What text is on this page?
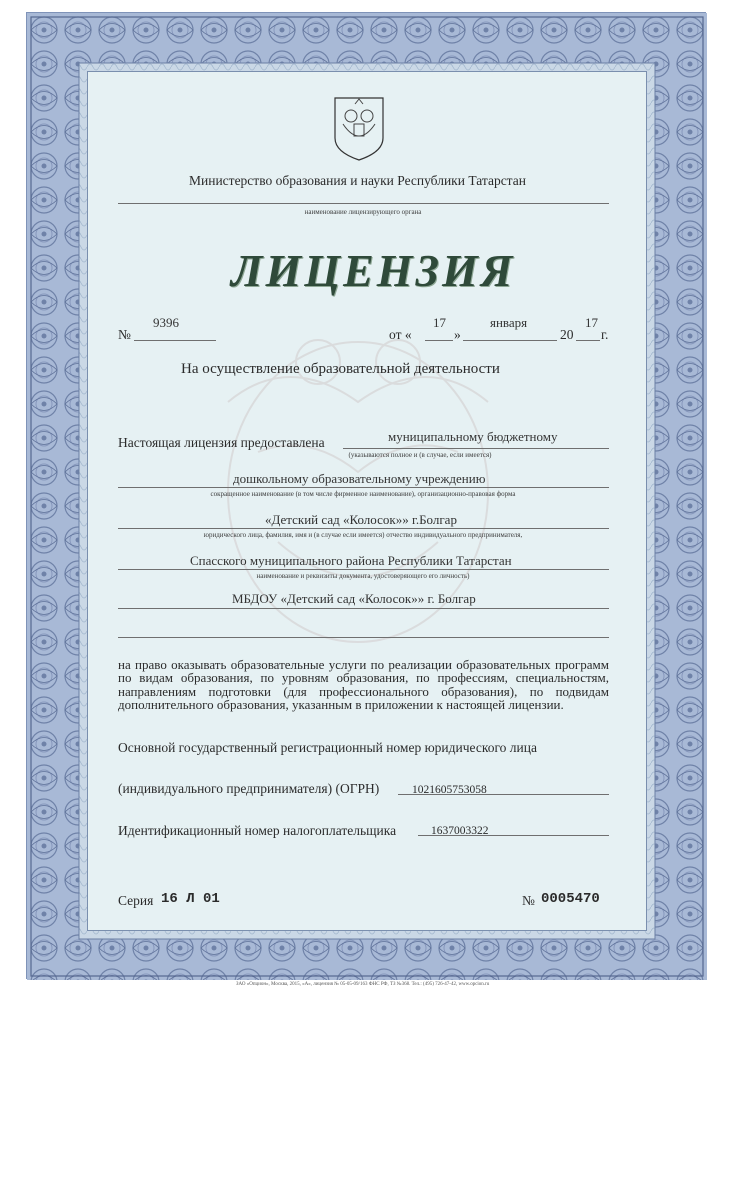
Министерство образования и науки Республики Татарстан
наименование лицензирующего органа
ЛИЦЕНЗИЯ
№
9396
от «
17
»
января
20
17
г.
На осуществление образовательной деятельности
Настоящая лицензия предоставлена	муниципальному бюджетному
(указываются полное и (в случае, если имеется)
дошкольному образовательному учреждению
сокращенное наименование (в том числе фирменное наименование), организационно-правовая форма
«Детский сад «Колосок»» г.Болгар
юридического лица, фамилия, имя и (в случае если имеется) отчество индивидуального предпринимателя,
Спасского муниципального района Республики Татарстан
наименование и реквизиты документа, удостоверяющего его личность)
МБДОУ «Детский сад «Колосок»» г. Болгар
на право оказывать образовательные услуги по реализации образовательных программ по видам образования, по уровням образования, по профессиям, специальностям, направлениям подготовки (для профессионального образования), по подвидам дополнительного образования, указанным в приложении к настоящей лицензии.
Основной государственный регистрационный номер юридического лица
(индивидуального предпринимателя) (ОГРН)	1021605753058
Идентификационный номер налогоплательщика	1637003322
Серия 16 Л 01	№ 0005470
ЗАО «Опцион», Москва, 2015, «А», лицензия № 05-05-09/163 ФНС РФ, ТЗ №368. Тел.: (495) 726-47-42, www.opcion.ru
